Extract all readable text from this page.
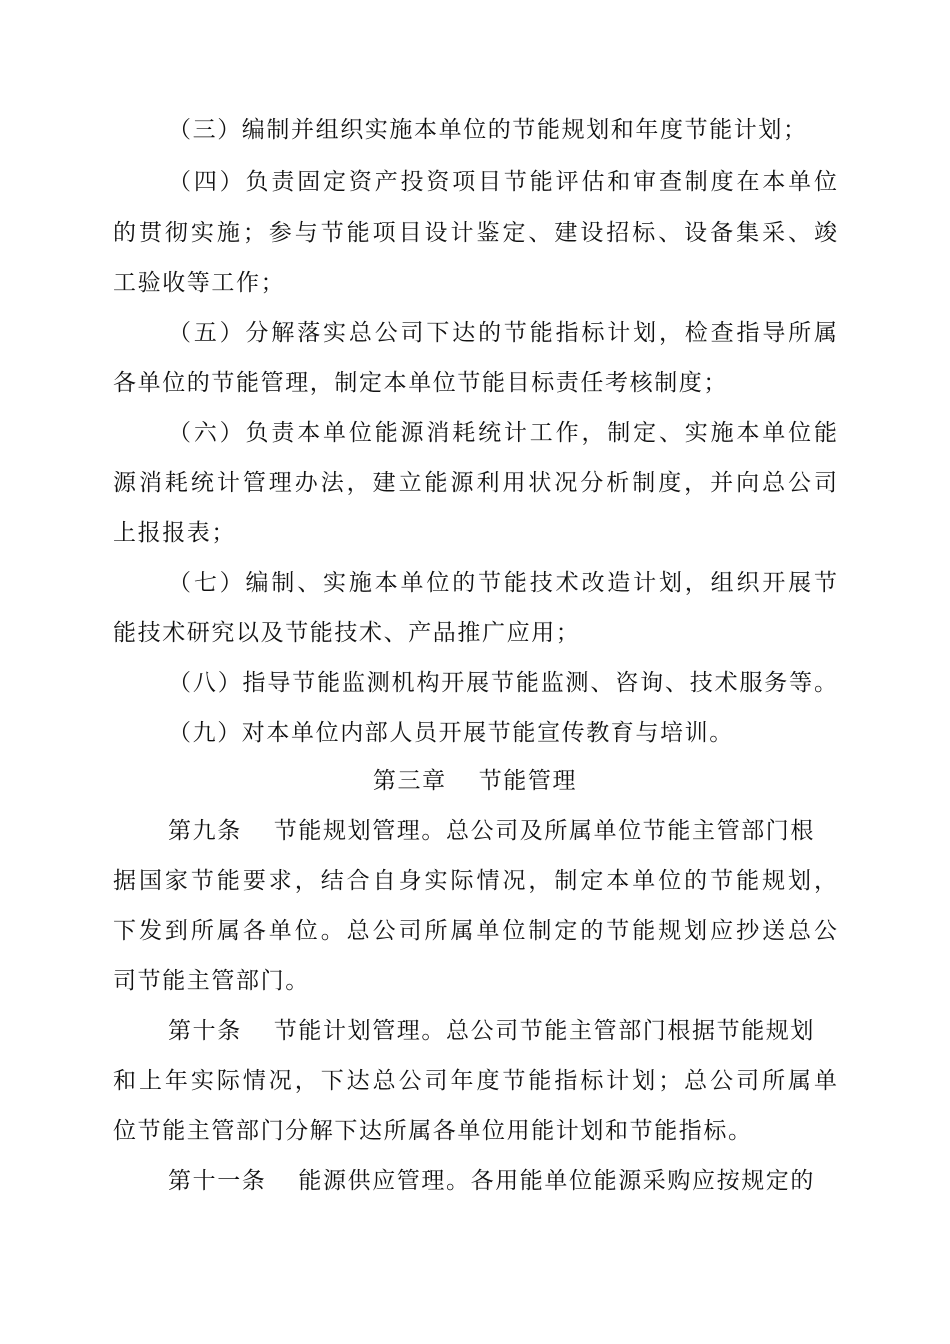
（三）编制并组织实施本单位的节能规划和年度节能计划；
（四）负责固定资产投资项目节能评估和审查制度在本单位
的贯彻实施；参与节能项目设计鉴定、建设招标、设备集采、竣
工验收等工作；
（五）分解落实总公司下达的节能指标计划，检查指导所属
各单位的节能管理，制定本单位节能目标责任考核制度；
（六）负责本单位能源消耗统计工作，制定、实施本单位能
源消耗统计管理办法，建立能源利用状况分析制度，并向总公司
上报报表；
（七）编制、实施本单位的节能技术改造计划，组织开展节
能技术研究以及节能技术、产品推广应用；
（八）指导节能监测机构开展节能监测、咨询、技术服务等。
（九）对本单位内部人员开展节能宣传教育与培训。
第三章 节能管理
第九条 节能规划管理。总公司及所属单位节能主管部门根
据国家节能要求，结合自身实际情况，制定本单位的节能规划，
下发到所属各单位。总公司所属单位制定的节能规划应抄送总公
司节能主管部门。
第十条 节能计划管理。总公司节能主管部门根据节能规划
和上年实际情况，下达总公司年度节能指标计划；总公司所属单
位节能主管部门分解下达所属各单位用能计划和节能指标。
第十一条 能源供应管理。各用能单位能源采购应按规定的
